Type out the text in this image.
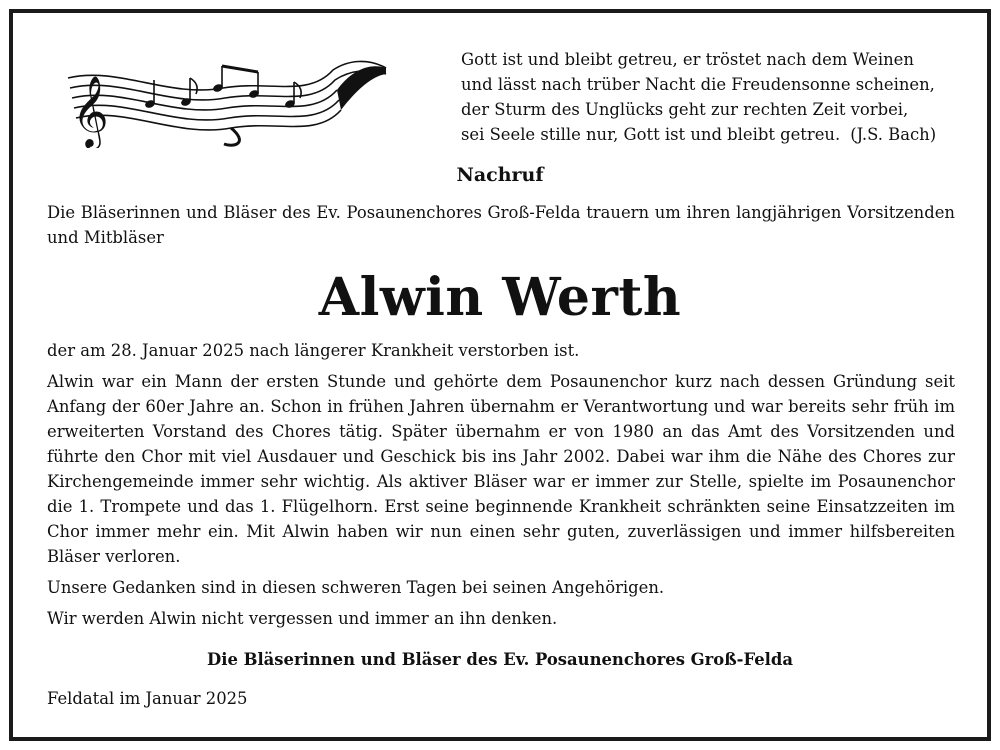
𝄞
Gott ist und bleibt getreu, er tröstet nach dem Weinen
und lässt nach trüber Nacht die Freudensonne scheinen,
der Sturm des Unglücks geht zur rechten Zeit vorbei,
sei Seele stille nur, Gott ist und bleibt getreu. (J.S. Bach)
Nachruf
Die Bläserinnen und Bläser des Ev. Posaunenchores Groß-Felda trauern um ihren langjährigen Vorsitzenden und Mitbläser
Alwin Werth
der am 28. Januar 2025 nach längerer Krankheit verstorben ist.
Alwin war ein Mann der ersten Stunde und gehörte dem Posaunenchor kurz nach dessen Gründung seit Anfang der 60er Jahre an. Schon in frühen Jahren übernahm er Verantwortung und war bereits sehr früh im erweiterten Vorstand des Chores tätig. Später übernahm er von 1980 an das Amt des Vorsitzenden und führte den Chor mit viel Ausdauer und Geschick bis ins Jahr 2002. Dabei war ihm die Nähe des Chores zur Kirchengemeinde immer sehr wichtig. Als aktiver Bläser war er immer zur Stelle, spielte im Posaunenchor die 1. Trompete und das 1. Flügelhorn. Erst seine beginnende Krankheit schränkten seine Einsatzzeiten im Chor immer mehr ein. Mit Alwin haben wir nun einen sehr guten, zuverlässigen und immer hilfsbereiten Bläser verloren.
Unsere Gedanken sind in diesen schweren Tagen bei seinen Angehörigen.
Wir werden Alwin nicht vergessen und immer an ihn denken.
Die Bläserinnen und Bläser des Ev. Posaunenchores Groß-Felda
Feldatal im Januar 2025
